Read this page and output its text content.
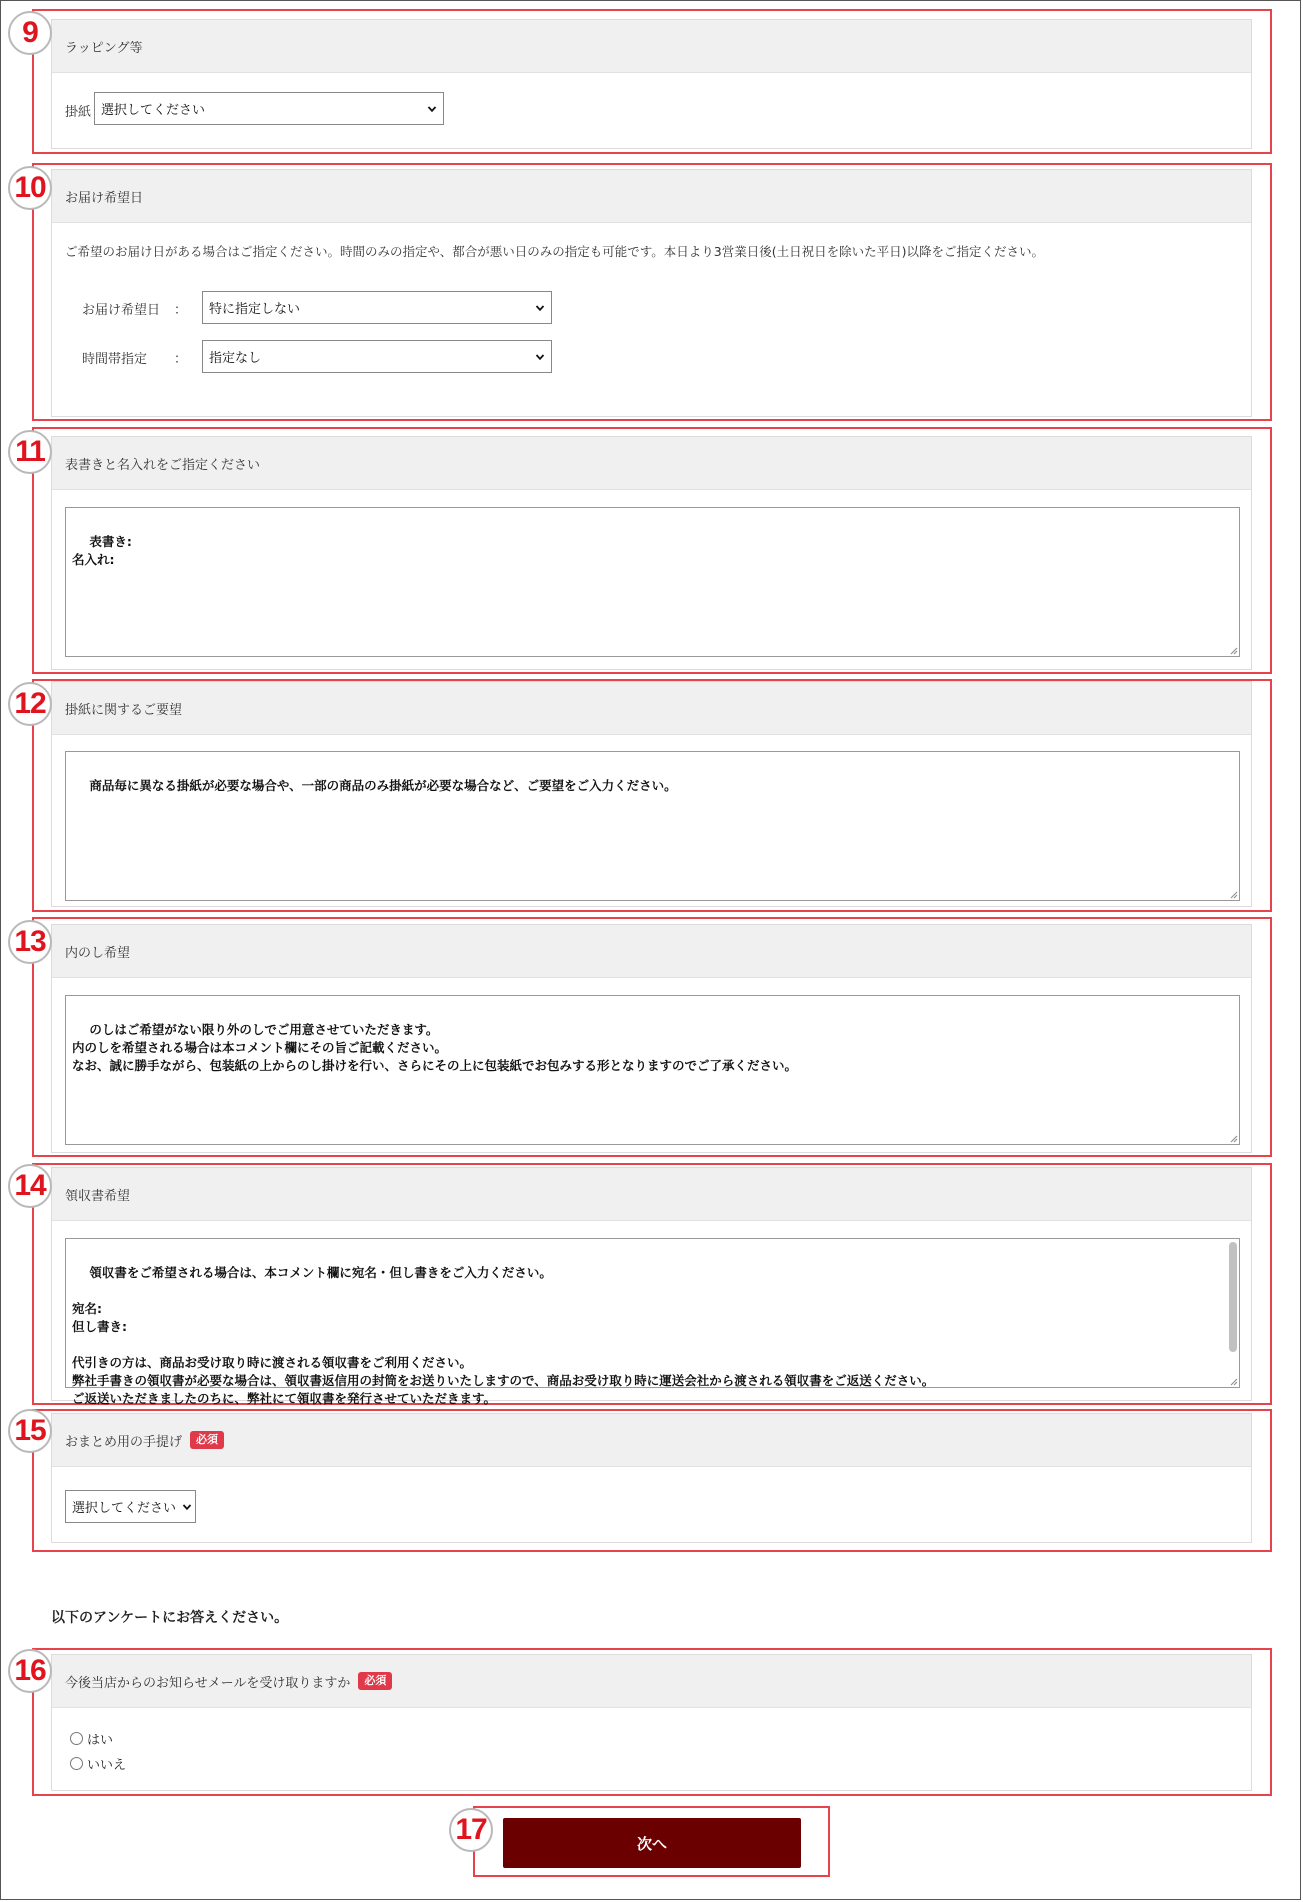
ラッピング等
掛紙 選択してください
9
お届け希望日
ご希望のお届け日がある場合はご指定ください。時間のみの指定や、都合が悪い日のみの指定も可能です。本日より3営業日後(土日祝日を除いた平日)以降をご指定ください。
お届け希望日 ： 特に指定しない
時間帯指定 ： 指定なし
10
表書きと名入れをご指定ください

表書き:
名入れ:

11
掛紙に関するご要望

商品毎に異なる掛紙が必要な場合や、一部の商品のみ掛紙が必要な場合など、ご要望をご入力ください。

12
内のし希望

のしはご希望がない限り外のしでご用意させていただきます。
内のしを希望される場合は本コメント欄にその旨ご記載ください。
なお、誠に勝手ながら、包装紙の上からのし掛けを行い、さらにその上に包装紙でお包みする形となりますのでご了承ください。

13
領収書希望

領収書をご希望される場合は、本コメント欄に宛名・但し書きをご入力ください。

宛名:
但し書き:

代引きの方は、商品お受け取り時に渡される領収書をご利用ください。
弊社手書きの領収書が必要な場合は、領収書返信用の封筒をお送りいたしますので、商品お受け取り時に運送会社から渡される領収書をご返送ください。
ご返送いただきましたのちに、弊社にて領収書を発行させていただきます。

14
おまとめ用の手提げ	必須
選択してください
15
以下のアンケートにお答えください。
今後当店からのお知らせメールを受け取りますか	必須
はい
いいえ
16
次へ
17
